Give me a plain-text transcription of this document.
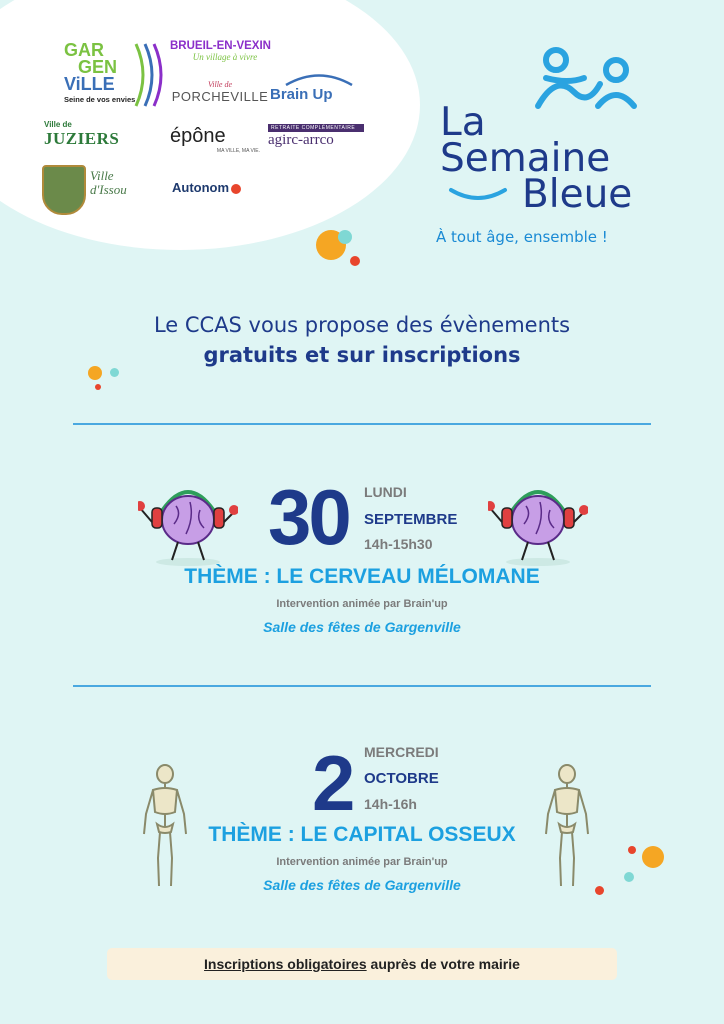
GAR
GEN
ViLLE
Seine de vos envies
BRUEIL-EN-VEXIN
Un village à vivre
Ville de
PORCHEVILLE Brain Up
Ville de
JUZIERS	épône
MA VILLE, MA VIE.
RETRAITE COMPLÉMENTAIRE
agirc-arrco
Ville
d'Issou	Autonom
La
Semaine
Bleue
À tout âge, ensemble !
Le CCAS vous propose des évènements
gratuits et sur inscriptions
30 LUNDI
SEPTEMBRE
14h-15h30
THÈME : LE CERVEAU MÉLOMANE
Intervention animée par Brain'up
Salle des fêtes de Gargenville
2 MERCREDI
OCTOBRE
14h-16h
THÈME : LE CAPITAL OSSEUX
Intervention animée par Brain'up
Salle des fêtes de Gargenville
Inscriptions obligatoires auprès de votre mairie
